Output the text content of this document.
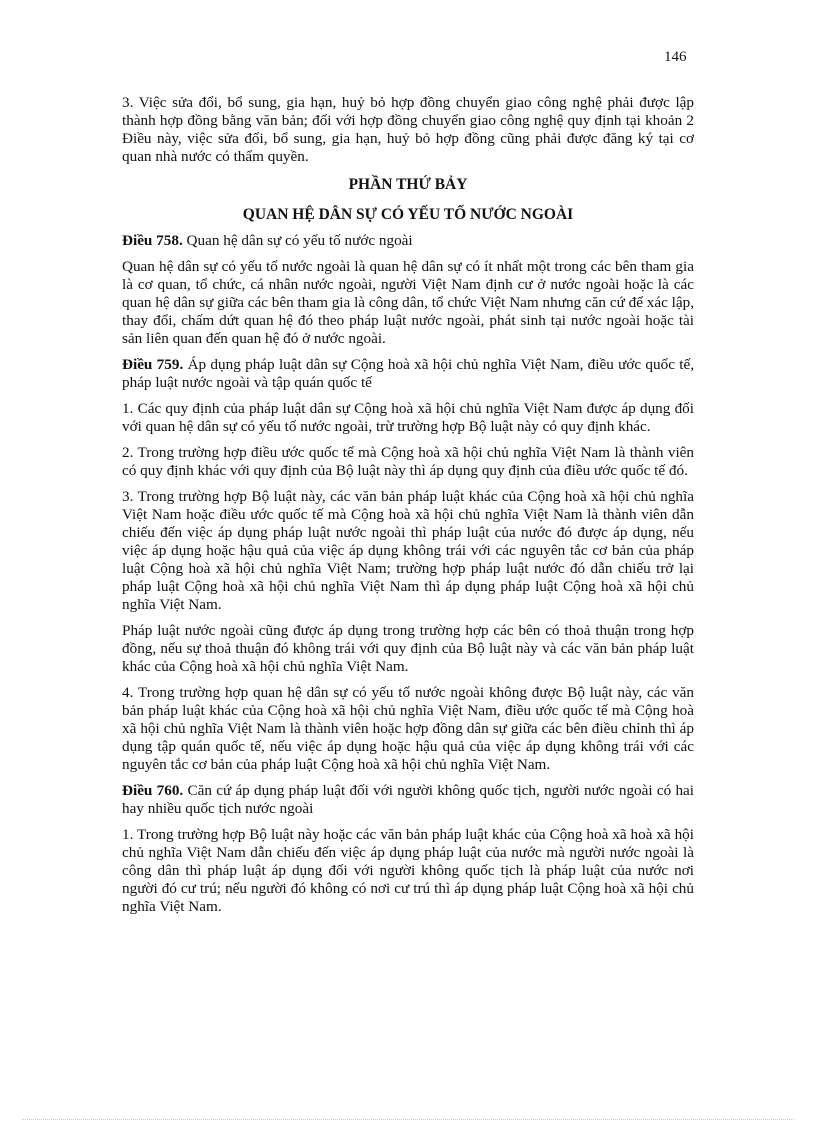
146

3. Việc sửa đổi, bổ sung, gia hạn, huỷ bỏ hợp đồng chuyển giao công nghệ phải được lập thành hợp đồng bằng văn bản; đối với hợp đồng chuyển giao công nghệ quy định tại khoản 2 Điều này, việc sửa đổi, bổ sung, gia hạn, huỷ bỏ hợp đồng cũng phải được đăng ký tại cơ quan nhà nước có thẩm quyền.

PHẦN THỨ BẢY
QUAN HỆ DÂN SỰ CÓ YẾU TỐ NƯỚC NGOÀI

Điều 758. Quan hệ dân sự có yếu tố nước ngoài

Quan hệ dân sự có yếu tố nước ngoài là quan hệ dân sự có ít nhất một trong các bên tham gia là cơ quan, tổ chức, cá nhân nước ngoài, người Việt Nam định cư ở nước ngoài hoặc là các quan hệ dân sự giữa các bên tham gia là công dân, tổ chức Việt Nam nhưng căn cứ để xác lập, thay đổi, chấm dứt quan hệ đó theo pháp luật nước ngoài, phát sinh tại nước ngoài hoặc tài sản liên quan đến quan hệ đó ở nước ngoài.

Điều 759. Áp dụng pháp luật dân sự Cộng hoà xã hội chủ nghĩa Việt Nam, điều ước quốc tế, pháp luật nước ngoài và tập quán quốc tế

1. Các quy định của pháp luật dân sự Cộng hoà xã hội chủ nghĩa Việt Nam được áp dụng đối với quan hệ dân sự có yếu tố nước ngoài, trừ trường hợp Bộ luật này có quy định khác.

2. Trong trường hợp điều ước quốc tế mà Cộng hoà xã hội chủ nghĩa Việt Nam là thành viên có quy định khác với quy định của Bộ luật này thì áp dụng quy định của điều ước quốc tế đó.

3. Trong trường hợp Bộ luật này, các văn bản pháp luật khác của Cộng hoà xã hội chủ nghĩa Việt Nam hoặc điều ước quốc tế mà Cộng hoà xã hội chủ nghĩa Việt Nam là thành viên dẫn chiếu đến việc áp dụng pháp luật nước ngoài thì pháp luật của nước đó được áp dụng, nếu việc áp dụng hoặc hậu quả của việc áp dụng không trái với các nguyên tắc cơ bản của pháp luật Cộng hoà xã hội chủ nghĩa Việt Nam; trường hợp pháp luật nước đó dẫn chiếu trở lại pháp luật Cộng hoà xã hội chủ nghĩa Việt Nam thì áp dụng pháp luật Cộng hoà xã hội chủ nghĩa Việt Nam.

Pháp luật nước ngoài cũng được áp dụng trong trường hợp các bên có thoả thuận trong hợp đồng, nếu sự thoả thuận đó không trái với quy định của Bộ luật này và các văn bản pháp luật khác của Cộng hoà xã hội chủ nghĩa Việt Nam.

4. Trong trường hợp quan hệ dân sự có yếu tố nước ngoài không được Bộ luật này, các văn bản pháp luật khác của Cộng hoà xã hội chủ nghĩa Việt Nam, điều ước quốc tế mà Cộng hoà xã hội chủ nghĩa Việt Nam là thành viên hoặc hợp đồng dân sự giữa các bên điều chỉnh thì áp dụng tập quán quốc tế, nếu việc áp dụng hoặc hậu quả của việc áp dụng không trái với các nguyên tắc cơ bản của pháp luật Cộng hoà xã hội chủ nghĩa Việt Nam.

Điều 760. Căn cứ áp dụng pháp luật đối với người không quốc tịch, người nước ngoài có hai hay nhiều quốc tịch nước ngoài

1. Trong trường hợp Bộ luật này hoặc các văn bản pháp luật khác của Cộng hoà xã hoà xã hội chủ nghĩa Việt Nam dẫn chiếu đến việc áp dụng pháp luật của nước mà người nước ngoài là công dân thì pháp luật áp dụng đối với người không quốc tịch là pháp luật của nước nơi người đó cư trú; nếu người đó không có nơi cư trú thì áp dụng pháp luật Cộng hoà xã hội chủ nghĩa Việt Nam.
